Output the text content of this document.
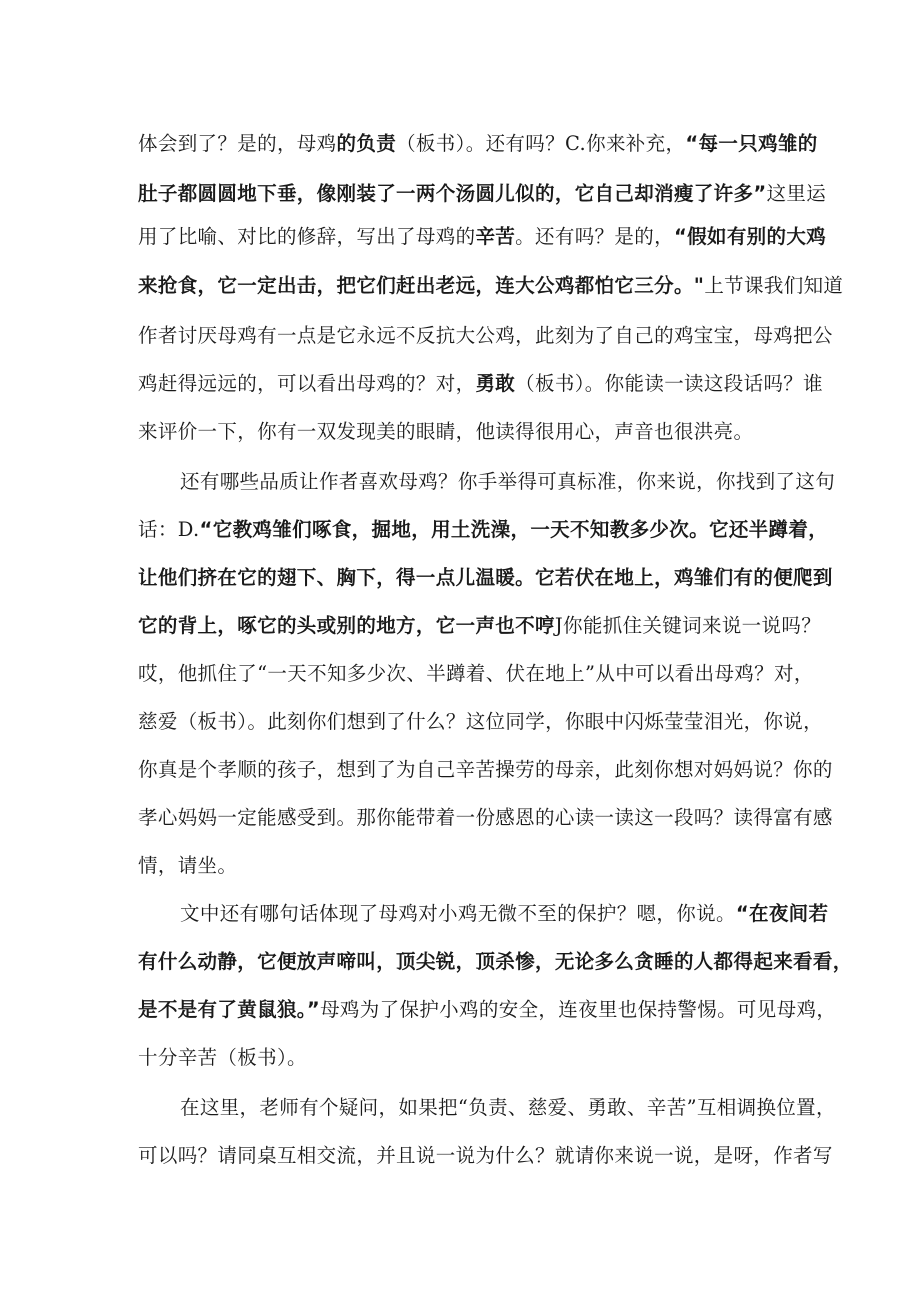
体会到了？是的，母鸡的负责（板书）。还有吗？C.你来补充，“每一只鸡雏的
肚子都圆圆地下垂，像刚装了一两个汤圆儿似的，它自己却消瘦了许多”这里运
用了比喻、对比的修辞，写出了母鸡的辛苦。还有吗？是的，“假如有别的大鸡
来抢食，它一定出击，把它们赶出老远，连大公鸡都怕它三分。"上节课我们知道
作者讨厌母鸡有一点是它永远不反抗大公鸡，此刻为了自己的鸡宝宝，母鸡把公
鸡赶得远远的，可以看出母鸡的？对，勇敢（板书）。你能读一读这段话吗？谁
来评价一下，你有一双发现美的眼睛，他读得很用心，声音也很洪亮。
还有哪些品质让作者喜欢母鸡？你手举得可真标准，你来说，你找到了这句
话：D.“它教鸡雏们啄食，掘地，用土洗澡，一天不知教多少次。它还半蹲着，
让他们挤在它的翅下、胸下，得一点儿温暖。它若伏在地上，鸡雏们有的便爬到
它的背上，啄它的头或别的地方，它一声也不哼J你能抓住关键词来说一说吗？
哎，他抓住了“一天不知多少次、半蹲着、伏在地上”从中可以看出母鸡？对，
慈爱（板书）。此刻你们想到了什么？这位同学，你眼中闪烁莹莹泪光，你说，
你真是个孝顺的孩子，想到了为自己辛苦操劳的母亲，此刻你想对妈妈说？你的
孝心妈妈一定能感受到。那你能带着一份感恩的心读一读这一段吗？读得富有感
情，请坐。
文中还有哪句话体现了母鸡对小鸡无微不至的保护？嗯，你说。“在夜间若
有什么动静，它便放声啼叫，顶尖锐，顶杀惨，无论多么贪睡的人都得起来看看，
是不是有了黄鼠狼。”母鸡为了保护小鸡的安全，连夜里也保持警惕。可见母鸡，
十分辛苦（板书）。
在这里，老师有个疑问，如果把“负责、慈爱、勇敢、辛苦”互相调换位置，
可以吗？请同桌互相交流，并且说一说为什么？就请你来说一说，是呀，作者写
